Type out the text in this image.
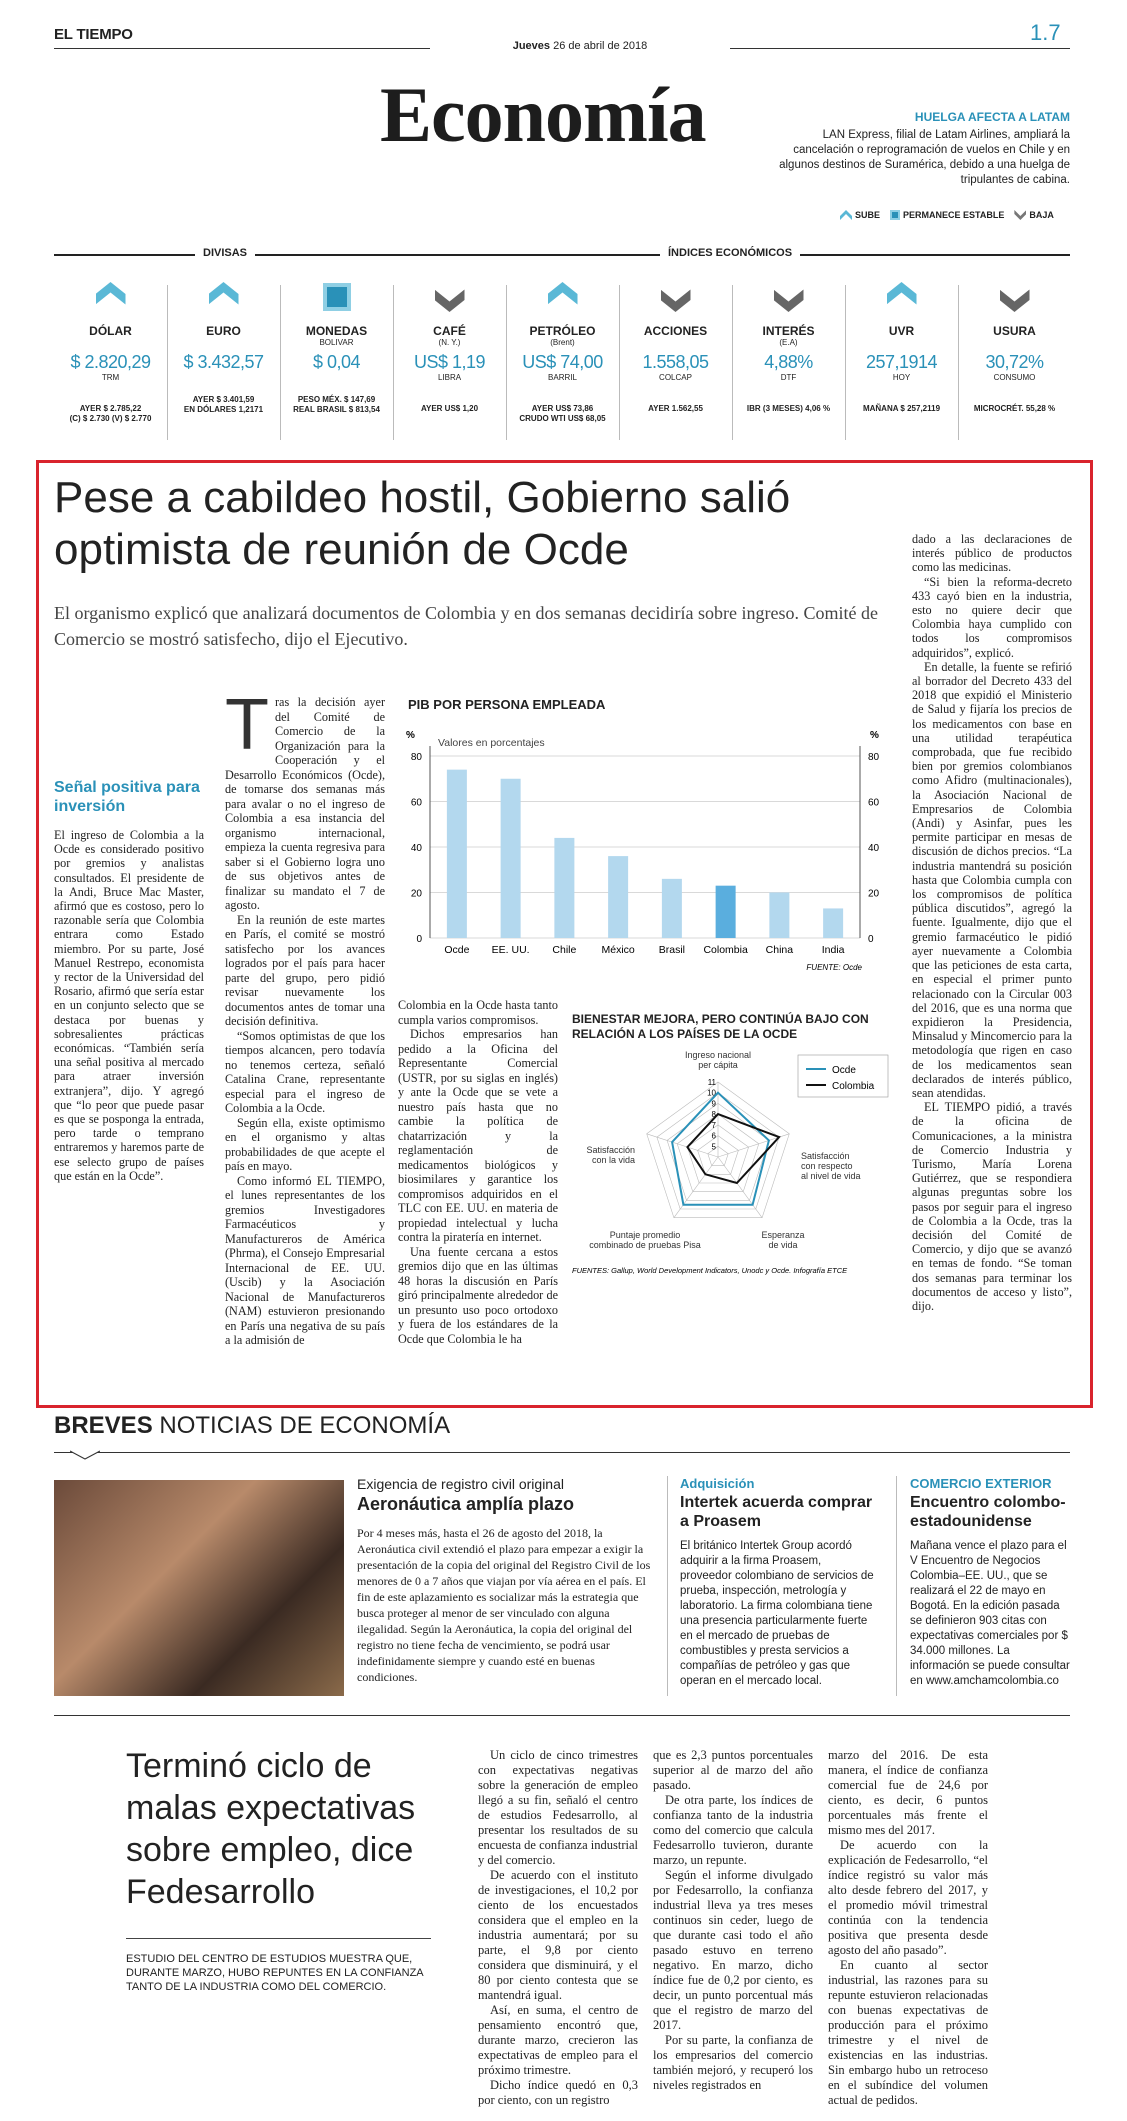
EL TIEMPO
Jueves 26 de abril de 2018
1.7
Economía	HUELGA AFECTA A LATAM
LAN Express, filial de Latam Airlines, ampliará la cancelación o reprogramación de vuelos en Chile y en algunos destinos de Suramérica, debido a una huelga de tripulantes de cabina.
SUBE	PERMANECE ESTABLE	BAJA
DIVISAS	ÍNDICES ECONÓMICOS
DÓLAR
$ 2.820,29
TRM
AYER $ 2.785,22
(C) $ 2.730 (V) $ 2.770
EURO
$ 3.432,57
AYER $ 3.401,59
EN DÓLARES 1,2171
MONEDAS
BOLIVAR
$ 0,04
PESO MÉX. $ 147,69
REAL BRASIL $ 813,54
CAFÉ
(N. Y.)
US$ 1,19
LIBRA
AYER US$ 1,20

PETRÓLEO
(Brent)
US$ 74,00
BARRIL
AYER US$ 73,86
CRUDO WTI US$ 68,05
ACCIONES
1.558,05
COLCAP
AYER 1.562,55

INTERÉS
(E.A)
4,88%
DTF
IBR (3 MESES) 4,06 %

UVR
257,1914
HOY
MAÑANA $ 257,2119

USURA
30,72%
CONSUMO
MICROCRÉT. 55,28 %

Pese a cabildeo hostil, Gobierno salió optimista de reunión de Ocde
El organismo explicó que analizará documentos de Colombia y en dos semanas decidiría sobre ingreso. Comité de Comercio se mostró satisfecho, dijo el Ejecutivo.
Señal positiva para inversión
El ingreso de Colombia a la Ocde es considerado positivo por gremios y analistas consultados. El presidente de la Andi, Bruce Mac Master, afirmó que es costoso, pero lo razonable sería que Colombia entrara como Estado miembro. Por su parte, José Manuel Restrepo, economista y rector de la Universidad del Rosario, afirmó que sería estar en un conjunto selecto que se destaca por buenas y sobresalientes prácticas económicas. “También sería una señal positiva al mercado para atraer inversión extranjera”, dijo. Y agregó que “lo peor que puede pasar es que se posponga la entrada, pero tarde o temprano entraremos y haremos parte de ese selecto grupo de países que están en la Ocde”.
T ras la decisión ayer del Comité de Comercio de la Organización para la Cooperación y el Desarrollo Económicos (Ocde), de tomarse dos semanas más para avalar o no el ingreso de Colombia a esa instancia del organismo internacional, empieza la cuenta regresiva para saber si el Gobierno logra uno de sus objetivos antes de finalizar su mandato el 7 de agosto.

En la reunión de este martes en París, el comité se mostró satisfecho por los avances logrados por el país para hacer parte del grupo, pero pidió revisar nuevamente los documentos antes de tomar una decisión definitiva.

“Somos optimistas de que los tiempos alcancen, pero todavía no tenemos certeza, señaló Catalina Crane, representante especial para el ingreso de Colombia a la Ocde.

Según ella, existe optimismo en el organismo y altas probabilidades de que acepte el país en mayo.

Como informó EL TIEMPO, el lunes representantes de los gremios Investigadores Farmacéuticos y Manufactureros de América (Phrma), el Consejo Empresarial Internacional de EE. UU. (Uscib) y la Asociación Nacional de Manufactureros (NAM) estuvieron presionando en París una negativa de su país a la admisión de

Colombia en la Ocde hasta tanto cumpla varios compromisos.

Dichos empresarios han pedido a la Oficina del Representante Comercial (USTR, por su siglas en inglés) y ante la Ocde que se vete a nuestro país hasta que no cambie la política de chatarrización y la reglamentación de medicamentos biológicos y biosimilares y garantice los compromisos adquiridos en el TLC con EE. UU. en materia de propiedad intelectual y lucha contra la piratería en internet.

Una fuente cercana a estos gremios dijo que en las últimas 48 horas la discusión en París giró principalmente alrededor de un presunto uso poco ortodoxo y fuera de los estándares de la Ocde que Colombia le ha

dado a las declaraciones de interés público de productos como las medicinas.

“Si bien la reforma-decreto 433 cayó bien en la industria, esto no quiere decir que Colombia haya cumplido con todos los compromisos adquiridos”, explicó.

En detalle, la fuente se refirió al borrador del Decreto 433 del 2018 que expidió el Ministerio de Salud y fijaría los precios de los medicamentos con base en una utilidad terapéutica comprobada, que fue recibido bien por gremios colombianos como Afidro (multinacionales), la Asociación Nacional de Empresarios de Colombia (Andi) y Asinfar, pues les permite participar en mesas de discusión de dichos precios. “La industria mantendrá su posición hasta que Colombia cumpla con los compromisos de política pública discutidos”, agregó la fuente. Igualmente, dijo que el gremio farmacéutico le pidió ayer nuevamente a Colombia que las peticiones de esta carta, en especial el primer punto relacionado con la Circular 003 del 2016, que es una norma que expidieron la Presidencia, Minsalud y Mincomercio para la metodología que rigen en caso de los medicamentos sean declarados de interés público, sean atendidas.

EL TIEMPO pidió, a través de la oficina de Comunicaciones, a la ministra de Comercio Industria y Turismo, María Lorena Gutiérrez, que se respondiera algunas preguntas sobre los pasos por seguir para el ingreso de Colombia a la Ocde, tras la decisión del Comité de Comercio, y dijo que se avanzó en temas de fondo. “Se toman dos semanas para terminar los documentos de acceso y listo”, dijo.

PIB POR PERSONA EMPLEADA
%	%
Valores en porcentajes
0	0
20	20
40	40
60	60
80	80
Ocde EE. UU. Chile México Brasil Colombia China	India
FUENTE: Ocde
BIENESTAR MEJORA, PERO CONTINÚA BAJO CON RELACIÓN A LOS PAÍSES DE LA OCDE
5
6
7
8
9
10
11
Ingreso nacional per cápita
Satisfacción con respecto al nivel de vida
Esperanza de vida
Puntaje promedio combinado de pruebas Pisa
Satisfacción con la vida
Ocde
Colombia
FUENTES: Gallup, World Development Indicators, Unodc y Ocde. Infografía ETCE
BREVES NOTICIAS DE ECONOMÍA
Exigencia de registro civil original
Aeronáutica amplía plazo
Por 4 meses más, hasta el 26 de agosto del 2018, la Aeronáutica civil extendió el plazo para empezar a exigir la presentación de la copia del original del Registro Civil de los menores de 0 a 7 años que viajan por vía aérea en el país. El fin de este aplazamiento es socializar más la estrategia que busca proteger al menor de ser vinculado con alguna ilegalidad. Según la Aeronáutica, la copia del original del registro no tiene fecha de vencimiento, se podrá usar indefinidamente siempre y cuando esté en buenas condiciones.
Adquisición
Intertek acuerda comprar a Proasem
El británico Intertek Group acordó adquirir a la firma Proasem, proveedor colombiano de servicios de prueba, inspección, metrología y laboratorio. La firma colombiana tiene una presencia particularmente fuerte en el mercado de pruebas de combustibles y presta servicios a compañías de petróleo y gas que operan en el mercado local.
COMERCIO EXTERIOR
Encuentro colombo-estadounidense
Mañana vence el plazo para el V Encuentro de Negocios Colombia–EE. UU., que se realizará el 22 de mayo en Bogotá. En la edición pasada se definieron 903 citas con expectativas comerciales por $ 34.000 millones. La información se puede consultar en www.amchamcolombia.co
Terminó ciclo de malas expectativas sobre empleo, dice Fedesarrollo
ESTUDIO DEL CENTRO DE ESTUDIOS MUESTRA QUE, DURANTE MARZO, HUBO REPUNTES EN LA CONFIANZA TANTO DE LA INDUSTRIA COMO DEL COMERCIO.

Un ciclo de cinco trimestres con expectativas negativas sobre la generación de empleo llegó a su fin, señaló el centro de estudios Fedesarrollo, al presentar los resultados de su encuesta de confianza industrial y del comercio.

De acuerdo con el instituto de investigaciones, el 10,2 por ciento de los encuestados considera que el empleo en la industria aumentará; por su parte, el 9,8 por ciento considera que disminuirá, y el 80 por ciento contesta que se mantendrá igual.

Así, en suma, el centro de pensamiento encontró que, durante marzo, crecieron las expectativas de empleo para el próximo trimestre.

Dicho índice quedó en 0,3 por ciento, con un registro

que es 2,3 puntos porcentuales superior al de marzo del año pasado.

De otra parte, los índices de confianza tanto de la industria como del comercio que calcula Fedesarrollo tuvieron, durante marzo, un repunte.

Según el informe divulgado por Fedesarrollo, la confianza industrial lleva ya tres meses continuos sin ceder, luego de que durante casi todo el año pasado estuvo en terreno negativo. En marzo, dicho índice fue de 0,2 por ciento, es decir, un punto porcentual más que el registro de marzo del 2017.

Por su parte, la confianza de los empresarios del comercio también mejoró, y recuperó los niveles registrados en

marzo del 2016. De esta manera, el índice de confianza comercial fue de 24,6 por ciento, es decir, 6 puntos porcentuales más frente el mismo mes del 2017.

De acuerdo con la explicación de Fedesarrollo, “el índice registró su valor más alto desde febrero del 2017, y el promedio móvil trimestral continúa con la tendencia positiva que presenta desde agosto del año pasado”.

En cuanto al sector industrial, las razones para su repunte estuvieron relacionadas con buenas expectativas de producción para el próximo trimestre y el nivel de existencias en las industrias. Sin embargo hubo un retroceso en el subíndice del volumen actual de pedidos.
